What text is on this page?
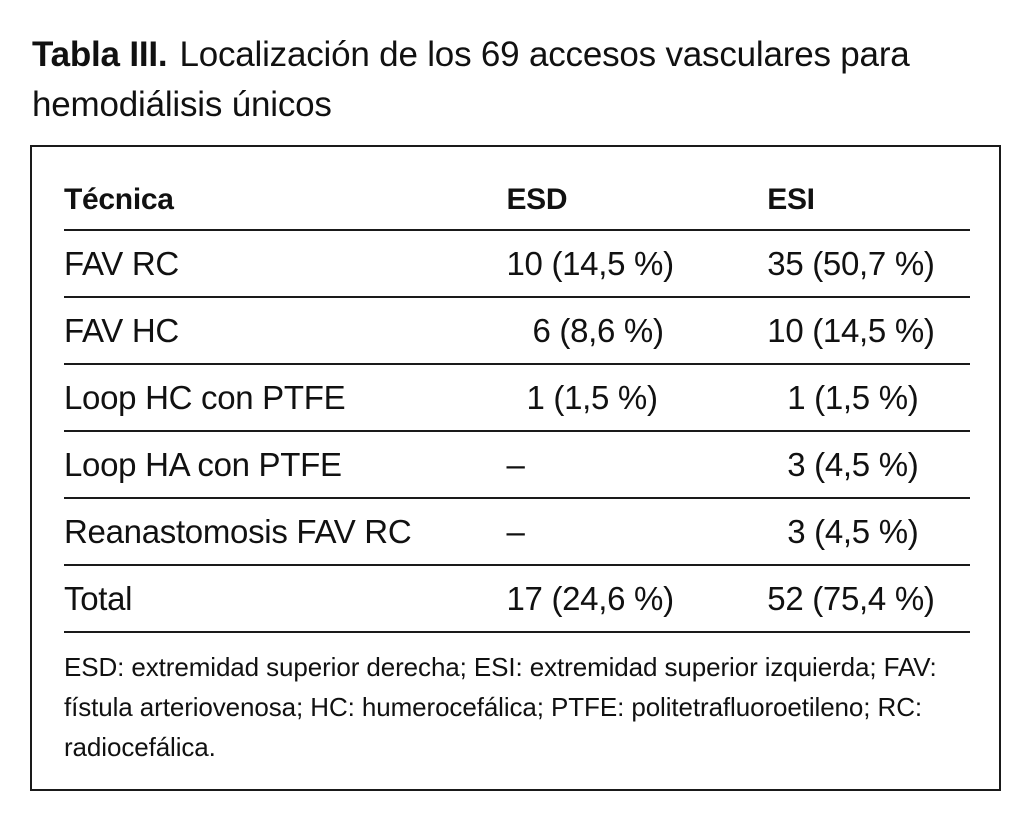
Tabla III. Localización de los 69 accesos vasculares para hemodiálisis únicos
Técnica	ESD	ESI
FAV RC	10 (14,5 %)	35 (50,7 %)
FAV HC	6 (8,6 %)	10 (14,5 %)
Loop HC con PTFE	1 (1,5 %)	1 (1,5 %)
Loop HA con PTFE	–	3 (4,5 %)
Reanastomosis FAV RC	–	3 (4,5 %)
Total	17 (24,6 %)	52 (75,4 %)
ESD: extremidad superior derecha; ESI: extremidad superior izquierda; FAV: fístula arteriovenosa; HC: humerocefálica; PTFE: politetrafluoroetileno; RC: radiocefálica.
